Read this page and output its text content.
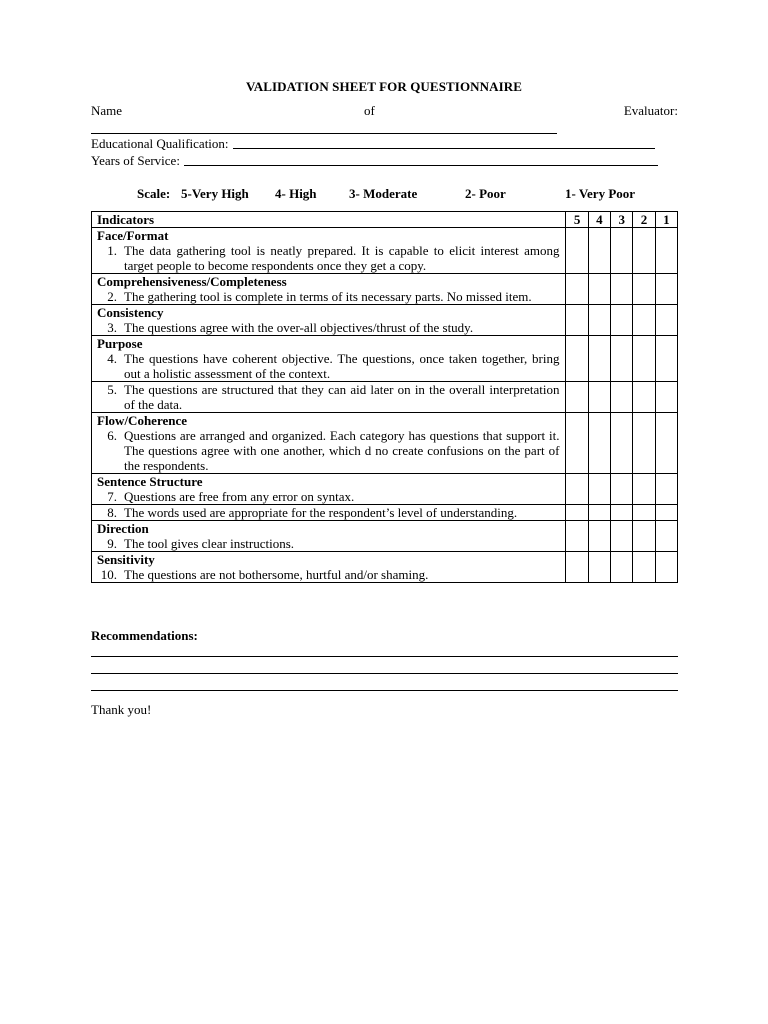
VALIDATION SHEET FOR QUESTIONNAIRE
Name	of	Evaluator:
Educational Qualification:
Years of Service:
Scale: 5-Very High 4- High 3- Moderate	2- Poor	1- Very Poor
Indicators	5	4	3	2	1

Face/Format
1. The data gathering tool is neatly prepared. It is capable to elicit interest among target people to become respondents once they get a copy.					

Comprehensiveness/Completeness
2. The gathering tool is complete in terms of its necessary parts. No missed item.					

Consistency
3. The questions agree with the over-all objectives/thrust of the study.					

Purpose
4. The questions have coherent objective. The questions, once taken together, bring out a holistic assessment of the context.					

5. The questions are structured that they can aid later on in the overall interpretation of the data.					

Flow/Coherence
6. Questions are arranged and organized. Each category has questions that support it. The questions agree with one another, which d no create confusions on the part of the respondents.					

Sentence Structure
7. Questions are free from any error on syntax.					

8. The words used are appropriate for the respondent’s level of understanding.					

Direction
9. The tool gives clear instructions.					

Sensitivity
10. The questions are not bothersome, hurtful and/or shaming.					

Recommendations:
Thank you!
